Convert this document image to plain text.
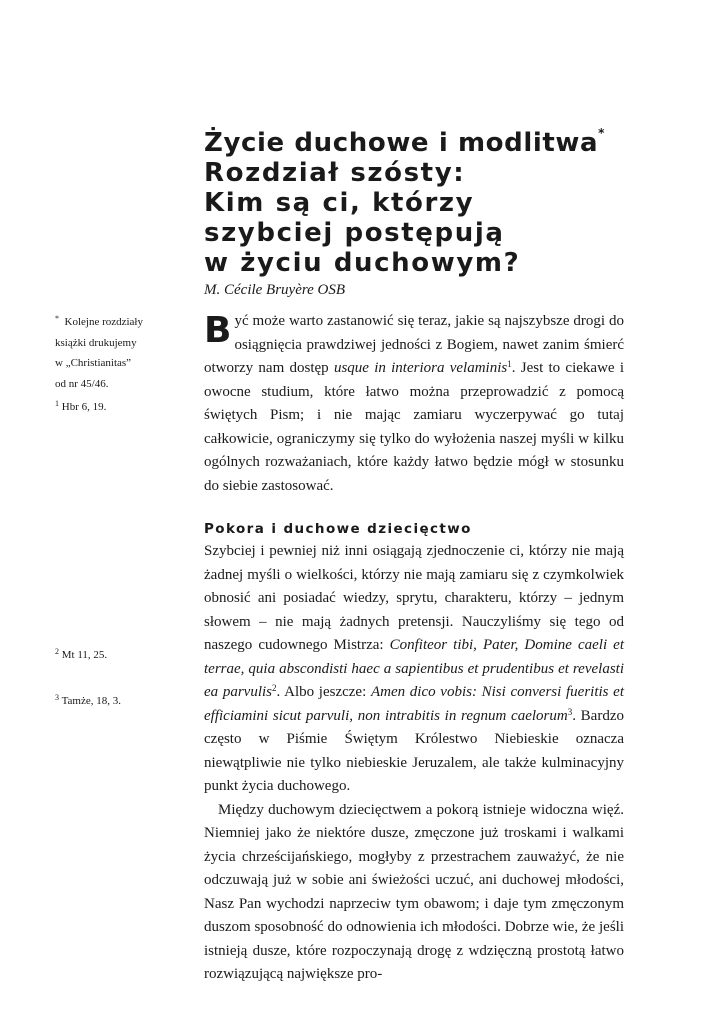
Życie duchowe i modlitwa*
Rozdział szósty:
Kim są ci, którzy
szybciej postępują
w życiu duchowym?
M. Cécile Bruyère OSB
* Kolejne rozdziały
książki drukujemy
w „Christianitas”
od nr 45/46.
$^1$ Hbr 6, 19.
$^2$ Mt 11, 25.
$^3$ Tamże, 18, 3.

Być może warto zastanowić się teraz, jakie są najszybsze drogi do osiągnięcia prawdziwej jedności z Bogiem, nawet zanim śmierć otworzy nam dostęp usque in interiora velaminis$^1$. Jest to ciekawe i owocne studium, które łatwo można przeprowadzić z pomocą świętych Pism; i nie mając zamiaru wyczerpywać go tutaj całkowicie, ograniczymy się tylko do wyłożenia naszej myśli w kilku ogólnych rozważaniach, które każdy łatwo będzie mógł w stosunku do siebie zastosować.

Pokora i duchowe dziecięctwo

Szybciej i pewniej niż inni osiągają zjednoczenie ci, którzy nie mają żadnej myśli o wielkości, którzy nie mają zamiaru się z czymkolwiek obnosić ani posiadać wiedzy, sprytu, charakteru, którzy – jednym słowem – nie mają żadnych pretensji. Nauczyliśmy się tego od naszego cudownego Mistrza: Confiteor tibi, Pater, Domine caeli et terrae, quia abscondisti haec a sapientibus et prudentibus et revelasti ea parvulis$^2$. Albo jeszcze: Amen dico vobis: Nisi conversi fueritis et efficiamini sicut parvuli, non intrabitis in regnum caelorum$^3$. Bardzo często w Piśmie Świętym Królestwo Niebieskie oznacza niewątpliwie nie tylko niebieskie Jeruzalem, ale także kulminacyjny punkt życia duchowego.

Między duchowym dziecięctwem a pokorą istnieje widoczna więź. Niemniej jako że niektóre dusze, zmęczone już troskami i walkami życia chrześcijańskiego, mogłyby z przestrachem zauważyć, że nie odczuwają już w sobie ani świeżości uczuć, ani duchowej młodości, Nasz Pan wychodzi naprzeciw tym obawom; i daje tym zmęczonym duszom sposobność do odnowienia ich młodości. Dobrze wie, że jeśli istnieją dusze, które rozpoczynają drogę z wdzięczną prostotą łatwo rozwiązującą największe pro-
